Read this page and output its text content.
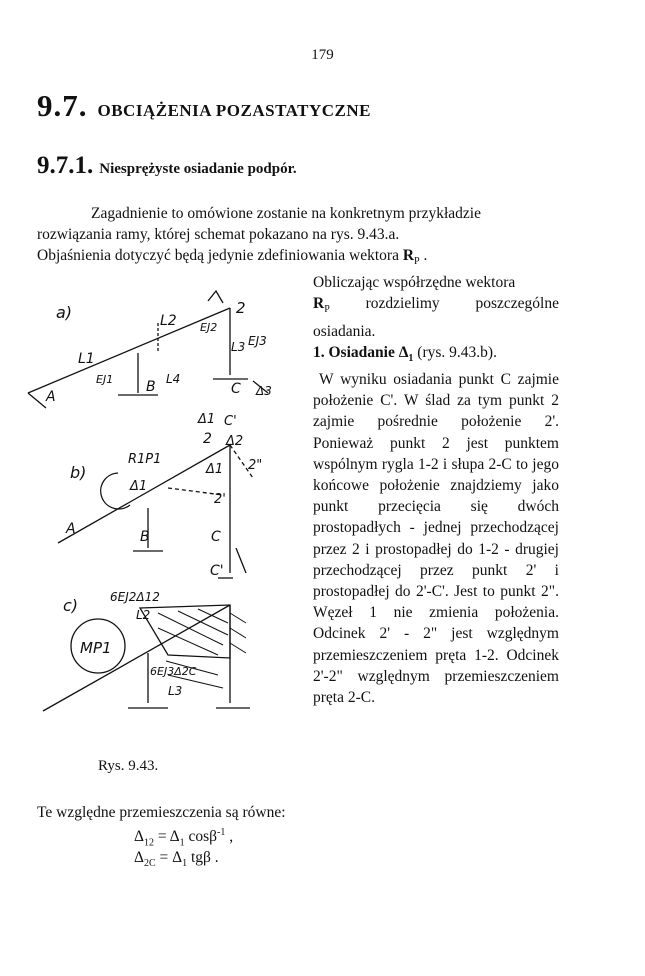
179
9.7. OBCIĄŻENIA POZASTATYCZNE
9.7.1. Niesprężyste osiadanie podpór.
Zagadnienie to omówione zostanie na konkretnym przykładzie
rozwiązania ramy, której schemat pokazano na rys. 9.43.a.
Objaśnienia dotyczyć będą jedynie zdefiniowania wektora $R_P$ .
Obliczając współrzędne wektora
$R_P$ rozdzielimy poszczególne osiadania.
1. Osiadanie $\Delta_1$ (rys. 9.43.b).
W wyniku osiadania punkt C zajmie położenie C'. W ślad za tym punkt 2 zajmie pośrednie położenie 2'. Ponieważ punkt 2 jest punktem wspólnym rygla 1-2 i słupa 2-C to jego końcowe położenie znajdziemy jako punkt przecięcia się dwóch prostopadłych - jednej przechodzącej przez 2 i prostopadłej do 1-2 - drugiej przechodzącej przez punkt 2' i prostopadłej do 2'-C'. Jest to punkt 2". Węzeł 1 nie zmienia położenia. Odcinek 2' - 2" jest względnym przemieszczeniem pręta 1-2. Odcinek 2'-2" względnym przemieszczeniem pręta 2-C.
a)	2
L2
L1
L3 EJ3
EJ2
EJ1
A
B L4
C Δ3
Δ1 C'
2 Δ2
R1P1
b)	Δ1
Δ1
2"
2'
A	B	C
C'
c)	6EJ2Δ12
L2
MP1
6EJ3Δ2C
L3
Rys. 9.43.
Te względne przemieszczenia są równe:
$\Delta_{12} = \Delta_1$ cosβ$^{-1}$ ,
$\Delta_{2C} = \Delta_1$ tgβ .
